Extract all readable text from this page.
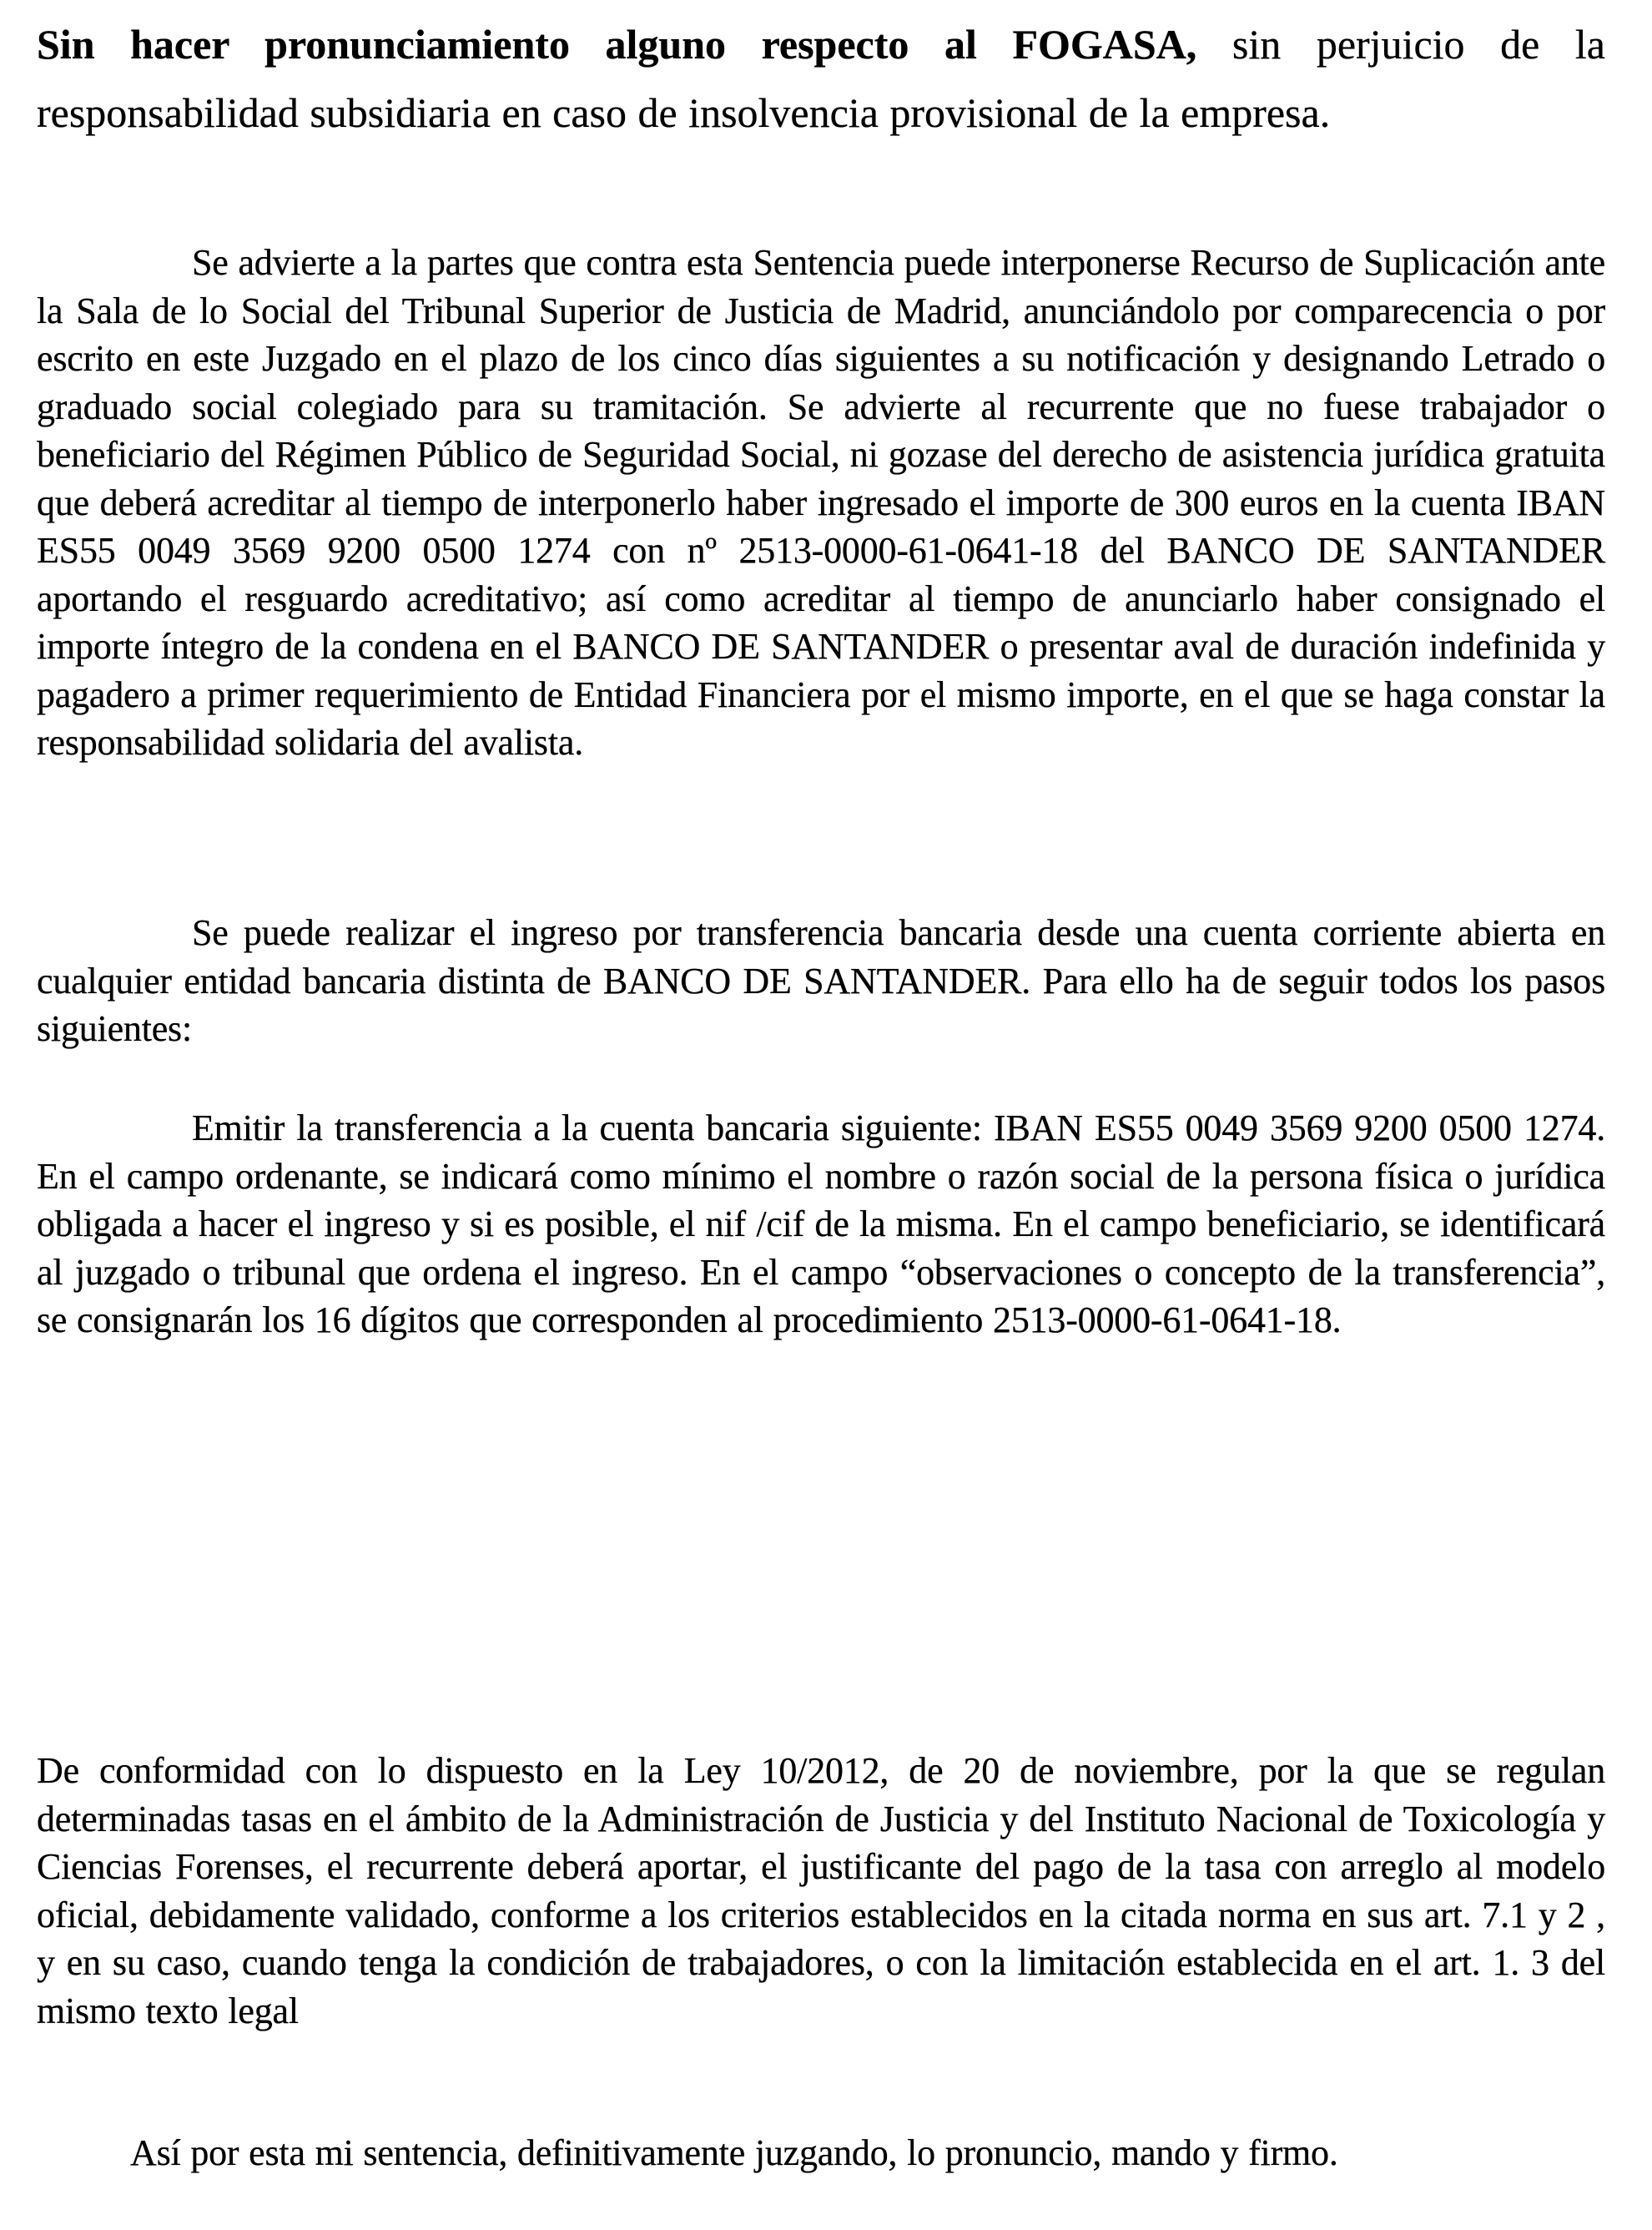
Sin hacer pronunciamiento alguno respecto al FOGASA, sin perjuicio de la responsabilidad subsidiaria en caso de insolvencia provisional de la empresa.

Se advierte a la partes que contra esta Sentencia puede interponerse Recurso de Suplicación ante la Sala de lo Social del Tribunal Superior de Justicia de Madrid, anunciándolo por comparecencia o por escrito en este Juzgado en el plazo de los cinco días siguientes a su notificación y designando Letrado o graduado social colegiado para su tramitación. Se advierte al recurrente que no fuese trabajador o beneficiario del Régimen Público de Seguridad Social, ni gozase del derecho de asistencia jurídica gratuita que deberá acreditar al tiempo de interponerlo haber ingresado el importe de 300 euros en la cuenta IBAN ES55 0049 3569 9200 0500 1274 con nº 2513-0000-61-0641-18 del BANCO DE SANTANDER aportando el resguardo acreditativo; así como acreditar al tiempo de anunciarlo haber consignado el importe íntegro de la condena en el BANCO DE SANTANDER o presentar aval de duración indefinida y pagadero a primer requerimiento de Entidad Financiera por el mismo importe, en el que se haga constar la responsabilidad solidaria del avalista.

Se puede realizar el ingreso por transferencia bancaria desde una cuenta corriente abierta en cualquier entidad bancaria distinta de BANCO DE SANTANDER. Para ello ha de seguir todos los pasos siguientes:

Emitir la transferencia a la cuenta bancaria siguiente: IBAN ES55 0049 3569 9200 0500 1274. En el campo ordenante, se indicará como mínimo el nombre o razón social de la persona física o jurídica obligada a hacer el ingreso y si es posible, el nif /cif de la misma. En el campo beneficiario, se identificará al juzgado o tribunal que ordena el ingreso. En el campo “observaciones o concepto de la transferencia”, se consignarán los 16 dígitos que corresponden al procedimiento 2513-0000-61-0641-18.

De conformidad con lo dispuesto en la Ley 10/2012, de 20 de noviembre, por la que se regulan determinadas tasas en el ámbito de la Administración de Justicia y del Instituto Nacional de Toxicología y Ciencias Forenses, el recurrente deberá aportar, el justificante del pago de la tasa con arreglo al modelo oficial, debidamente validado, conforme a los criterios establecidos en la citada norma en sus art. 7.1 y 2 , y en su caso, cuando tenga la condición de trabajadores, o con la limitación establecida en el art. 1. 3 del mismo texto legal

Así por esta mi sentencia, definitivamente juzgando, lo pronuncio, mando y firmo.
